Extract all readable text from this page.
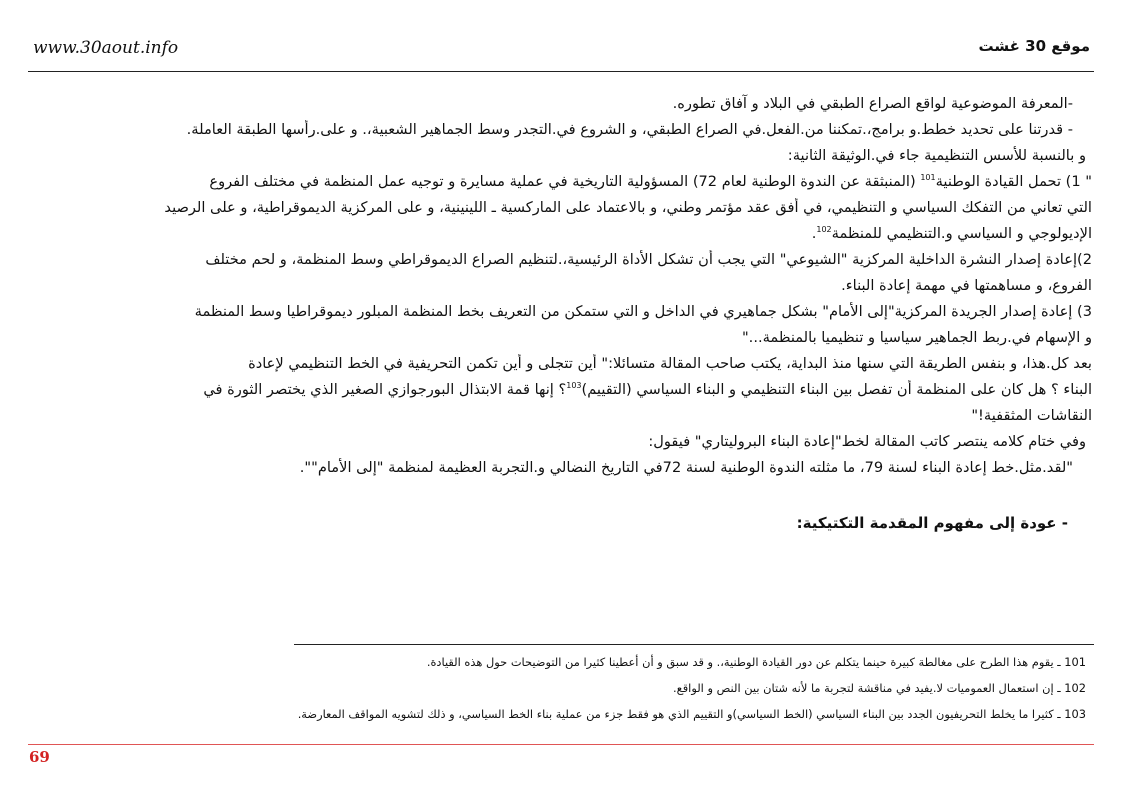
www.30aout.info	موقع 30 غشت
-المعرفة الموضوعية لواقع الصراع الطبقي في البلاد و آفاق تطوره.
- قدرتنا على تحديد خطط.و برامج،.تمكننا من.الفعل.في الصراع الطبقي، و الشروع في.التجدر وسط الجماهير الشعبية،. و على.رأسها الطبقة العاملة.
و بالنسبة للأسس التنظيمية جاء في.الوثيقة الثانية:
" 1) تحمل القيادة الوطنية$^{101}$ (المنبثقة عن الندوة الوطنية لعام 72) المسؤولية التاريخية في عملية مسايرة و توجيه عمل المنظمة في مختلف الفروع
التي تعاني من التفكك السياسي و التنظيمي، في أفق عقد مؤتمر وطني، و بالاعتماد على الماركسية ـ اللينينية، و على المركزية الديموقراطية، و على الرصيد
الإديولوجي و السياسي و.التنظيمي للمنظمة$^{102}$.
2)إعادة إصدار النشرة الداخلية المركزية "الشيوعي" التي يجب أن تشكل الأداة الرئيسية،.لتنظيم الصراع الديموقراطي وسط المنظمة، و لحم مختلف
الفروع، و مساهمتها في مهمة إعادة البناء.
3) إعادة إصدار الجريدة المركزية"إلى الأمام" بشكل جماهيري في الداخل و التي ستمكن من التعريف بخط المنظمة المبلور ديموقراطيا وسط المنظمة
و الإسهام في.ربط الجماهير سياسيا و تنظيميا بالمنظمة..."
بعد كل.هذا، و بنفس الطريقة التي سنها منذ البداية، يكتب صاحب المقالة متسائلا:" أين تتجلى و أين تكمن التحريفية في الخط التنظيمي لإعادة
البناء ؟ هل كان على المنظمة أن تفصل بين البناء التنظيمي و البناء السياسي (التقييم)$^{103}$؟ إنها قمة الابتذال البورجوازي الصغير الذي يختصر الثورة في
النقاشات المثقفية!"
وفي ختام كلامه ينتصر كاتب المقالة لخط"إعادة البناء البروليتاري" فيقول:
"لقد.مثل.خط إعادة البناء لسنة 79، ما مثلته الندوة الوطنية لسنة 72في التاريخ النضالي و.التجربة العظيمة لمنظمة "إلى الأمام"".
- عودة إلى مفهوم المقدمة التكتيكية:
101 ـ يقوم هذا الطرح على مغالطة كبيرة حينما يتكلم عن دور القيادة الوطنية،. و قد سبق و أن أعطينا كثيرا من التوضيحات حول هذه القيادة.
102 ـ إن استعمال العموميات لا.يفيد في مناقشة لتجربة ما لأنه شتان بين النص و الواقع.
103 ـ كثيرا ما يخلط التحريفيون الجدد بين البناء السياسي (الخط السياسي)و التقييم الذي هو فقط جزء من عملية بناء الخط السياسي، و ذلك لتشويه المواقف المعارضة.
69
